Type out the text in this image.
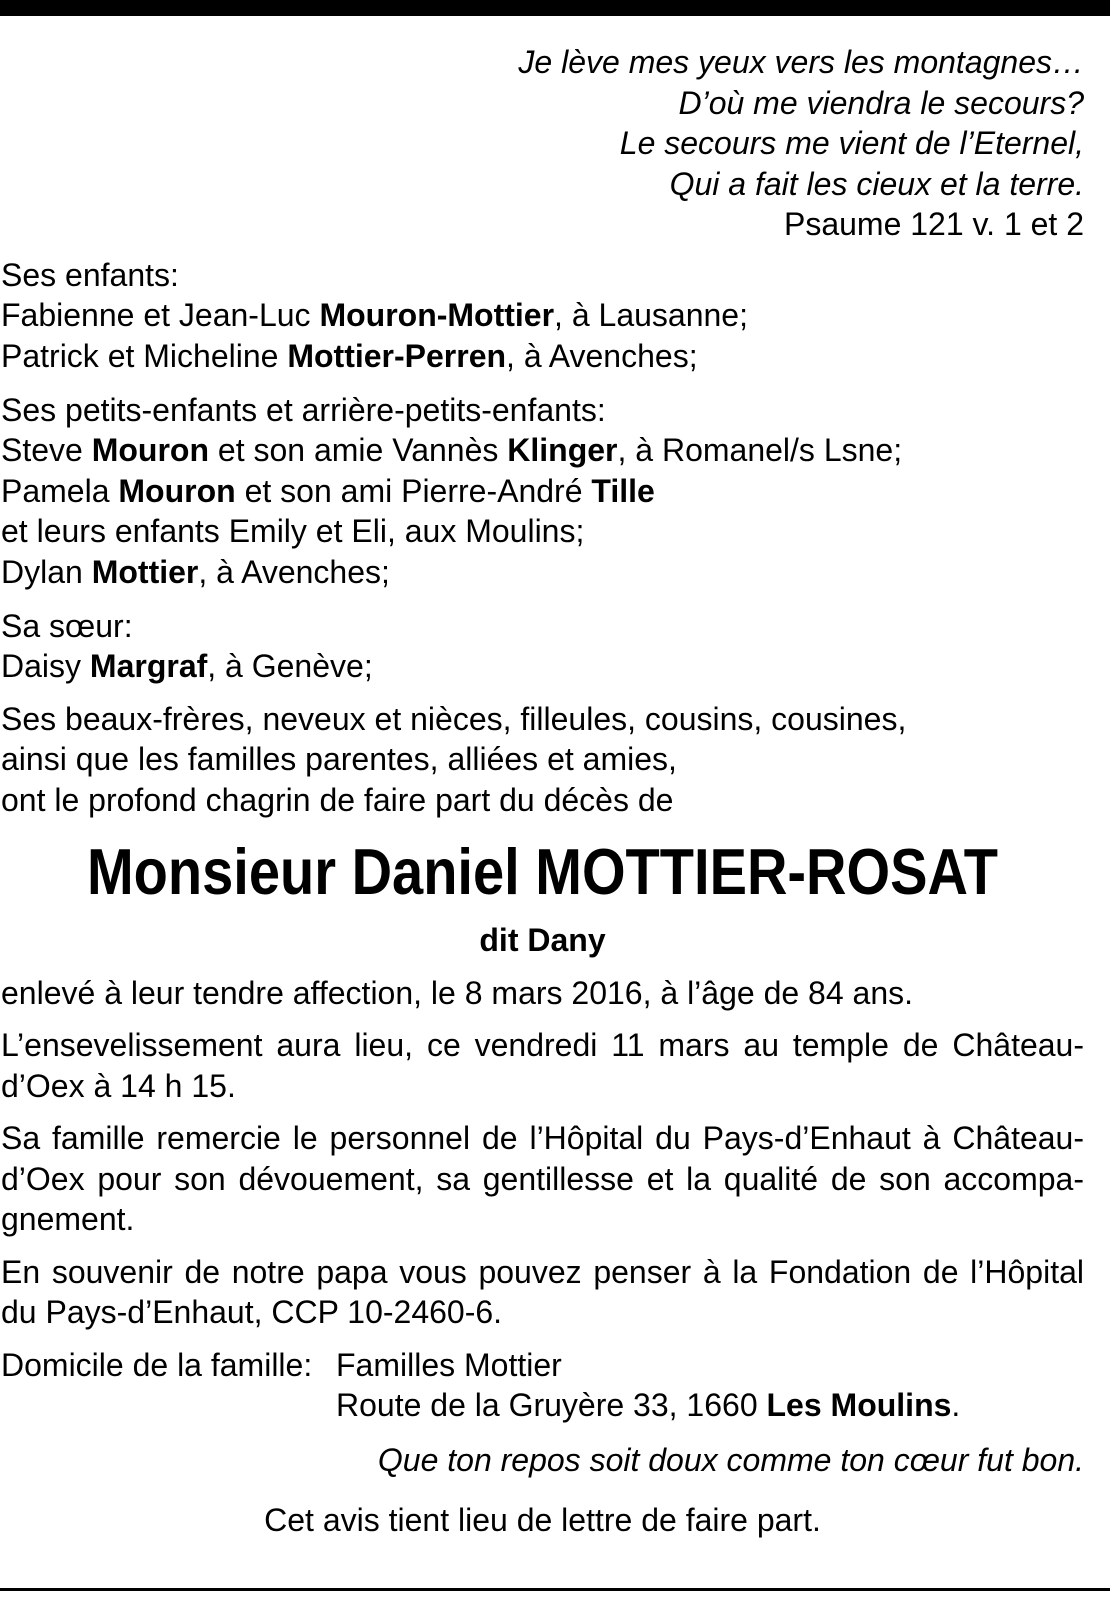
Je lève mes yeux vers les montagnes…
D’où me viendra le secours?
Le secours me vient de l’Eternel,
Qui a fait les cieux et la terre.
Psaume 121 v. 1 et 2
Ses enfants:
Fabienne et Jean-Luc Mouron-Mottier, à Lausanne;
Patrick et Micheline Mottier-Perren, à Avenches;
Ses petits-enfants et arrière-petits-enfants:
Steve Mouron et son amie Vannès Klinger, à Romanel/s Lsne;
Pamela Mouron et son ami Pierre-André Tille
et leurs enfants Emily et Eli, aux Moulins;
Dylan Mottier, à Avenches;
Sa sœur:
Daisy Margraf, à Genève;
Ses beaux-frères, neveux et nièces, filleules, cousins, cousines,
ainsi que les familles parentes, alliées et amies,
ont le profond chagrin de faire part du décès de
Monsieur Daniel MOTTIER-ROSAT
dit Dany
enlevé à leur tendre affection, le 8 mars 2016, à l’âge de 84 ans.
L’ensevelissement aura lieu, ce vendredi 11 mars au temple de Château-
d’Oex à 14 h 15.
Sa famille remercie le personnel de l’Hôpital du Pays-d’Enhaut à Château-
d’Oex pour son dévouement, sa gentillesse et la qualité de son accompa-
gnement.
En souvenir de notre papa vous pouvez penser à la Fondation de l’Hôpital
du Pays-d’Enhaut, CCP 10-2460-6.
Domicile de la famille: Familles Mottier
Route de la Gruyère 33, 1660 Les Moulins.
Que ton repos soit doux comme ton cœur fut bon.
Cet avis tient lieu de lettre de faire part.
